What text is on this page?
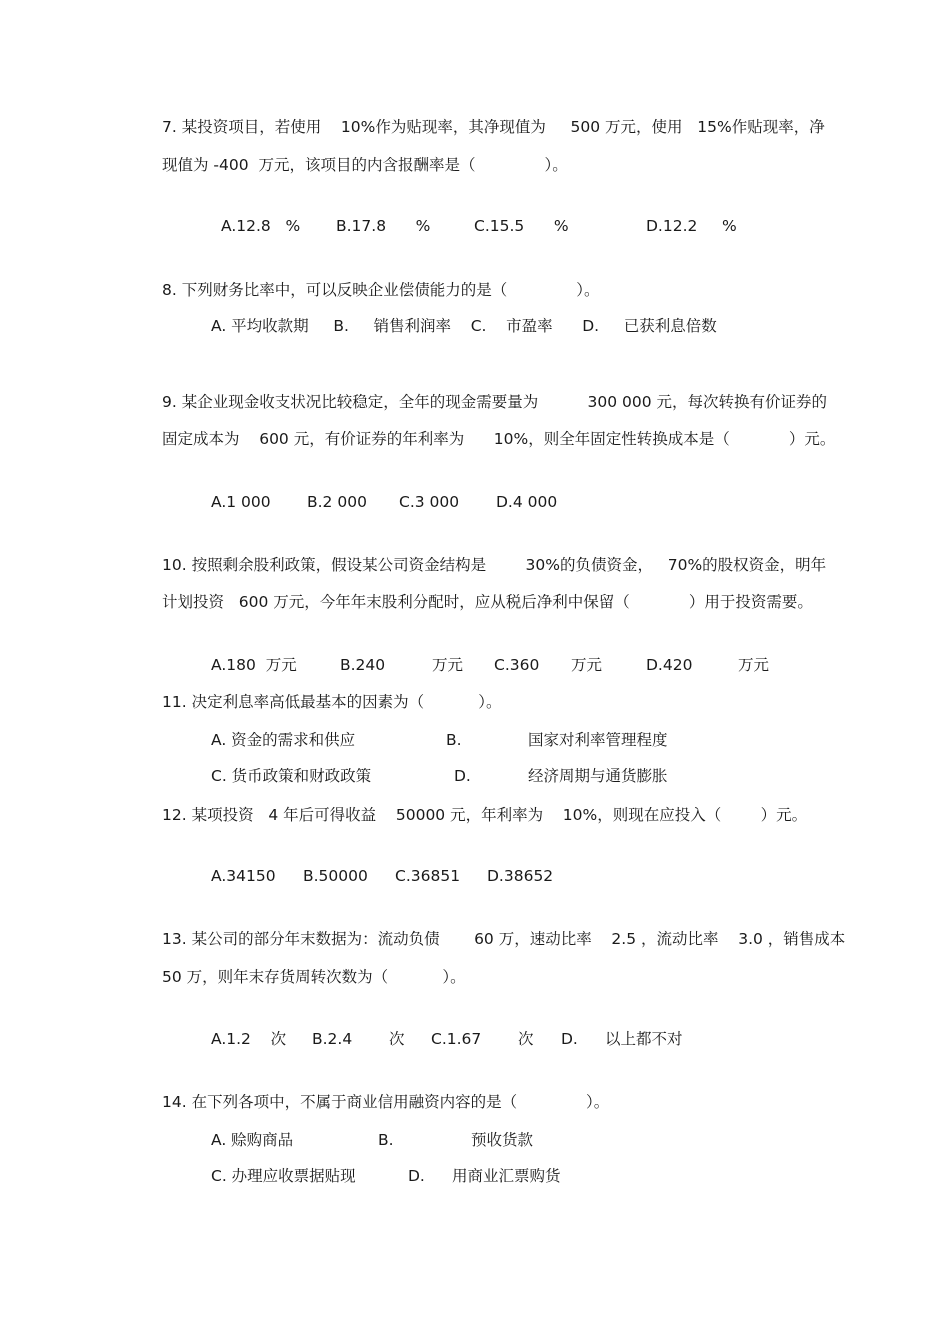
7. 某投资项目，若使用    10%作为贴现率，其净现值为     500 万元，使用   15%作贴现率，净
现值为 -400  万元，该项目的内含报酬率是（              ）。
A.12.8   % B.17.8      %	C.15.5      %	D.12.2     %
8. 下列财务比率中，可以反映企业偿债能力的是（              ）。
A. 平均收款期     B.     销售利润率    C.    市盈率      D.     已获利息倍数
9. 某企业现金收支状况比较稳定，全年的现金需要量为          300 000 元，每次转换有价证券的
固定成本为    600 元，有价证券的年利率为      10%，则全年固定性转换成本是（            ）元。
A.1 000 B.2 000 C.3 000 D.4 000
10. 按照剩余股利政策，假设某公司资金结构是        30%的负债资金，   70%的股权资金，明年
计划投资   600 万元，今年年末股利分配时，应从税后净利中保留（            ）用于投资需要。
A.180  万元	B.240	万元 C.360 万元	D.420	万元
11. 决定利息率高低最基本的因素为（           ）。
A. 资金的需求和供应	B.	国家对利率管理程度
C. 货币政策和财政政策	D.	经济周期与通货膨胀
12. 某项投资   4 年后可得收益    50000 元，年利率为    10%，则现在应投入（        ）元。
A.34150 B.50000 C.36851 D.38652
13. 某公司的部分年末数据为：流动负债       60 万，速动比率    2.5 ，流动比率    3.0 ，销售成本
50 万，则年末存货周转次数为（           ）。
A.1.2    次 B.2.4 次 C.1.67 次 D. 以上都不对
14. 在下列各项中，不属于商业信用融资内容的是（              ）。
A. 赊购商品	B.	预收货款
C. 办理应收票据贴现	D. 用商业汇票购货
